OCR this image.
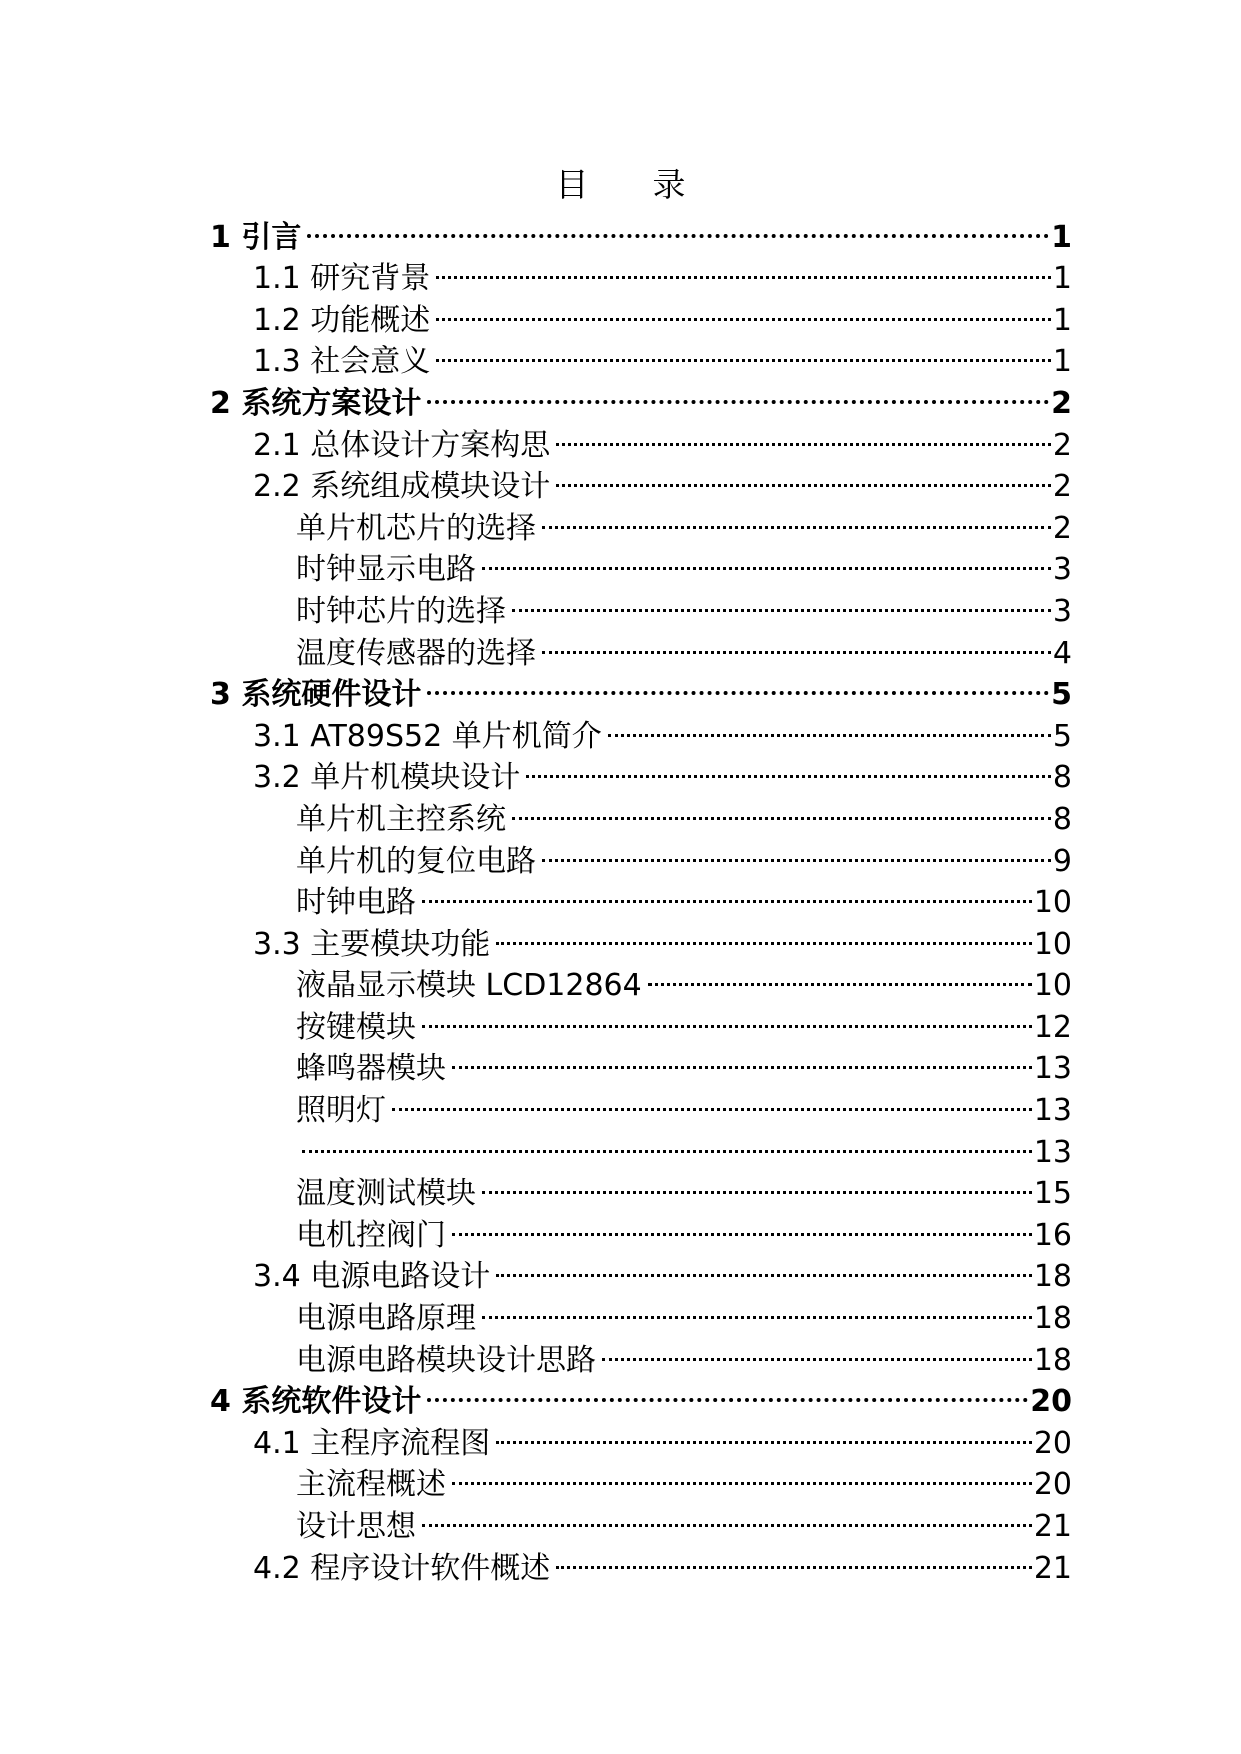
目录
1 引言	1
1.1 研究背景	1
1.2 功能概述	1
1.3 社会意义	1
2 系统方案设计	2
2.1 总体设计方案构思	2
2.2 系统组成模块设计	2
单片机芯片的选择	2
时钟显示电路	3
时钟芯片的选择	3
温度传感器的选择	4
3 系统硬件设计	5
3.1 AT89S52 单片机简介	5
3.2 单片机模块设计	8
单片机主控系统	8
单片机的复位电路	9
时钟电路	10
3.3 主要模块功能	10
液晶显示模块 LCD12864	10
按键模块	12
蜂鸣器模块	13
照明灯	13
13
温度测试模块	15
电机控阀门	16
3.4 电源电路设计	18
电源电路原理	18
电源电路模块设计思路	18
4 系统软件设计	20
4.1 主程序流程图	20
主流程概述	20
设计思想	21
4.2 程序设计软件概述	21
